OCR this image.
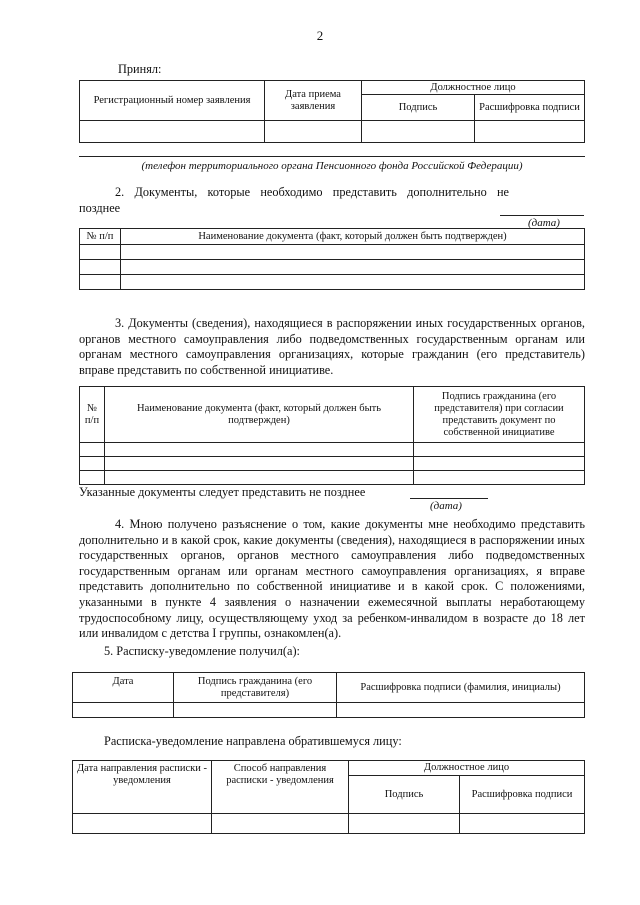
2
Принял:
Регистрационный номер заявления	Дата приема заявления	Должностное лицо	
		Подпись	Расшифровка подписи

(телефон территориального органа Пенсионного фонда Российской Федерации)
2. Документы, которые необходимо представить дополнительно не позднее
(дата)
№ п/п	Наименование документа (факт, который должен быть подтвержден)

3. Документы (сведения), находящиеся в распоряжении иных государственных органов, органов местного самоуправления либо подведомственных государственным органам или органам местного самоуправления организациях, которые гражданин (его представитель) вправе представить по собственной инициативе.
№ п/п	Наименование документа (факт, который должен быть подтвержден)	Подпись гражданина (его представителя) при согласии представить документ по собственной инициативе

Указанные документы следует представить не позднее
(дата)
4. Мною получено разъяснение о том, какие документы мне необходимо представить дополнительно и в какой срок, какие документы (сведения), находящиеся в распоряжении иных государственных органов, органов местного самоуправления либо подведомственных государственным органам или органам местного самоуправления организациях, я вправе представить дополнительно по собственной инициативе и в какой срок. С положениями, указанными в пункте 4 заявления о назначении ежемесячной выплаты неработающему трудоспособному лицу, осуществляющему уход за ребенком-инвалидом в возрасте до 18 лет или инвалидом с детства I группы, ознакомлен(а).
5. Расписку-уведомление получил(а):
Дата	Подпись гражданина (его представителя)	Расшифровка подписи (фамилия, инициалы)

Расписка-уведомление направлена обратившемуся лицу:
Дата направления расписки - уведомления	Способ направления расписки - уведомления	Должностное лицо	
		Подпись	Расшифровка подписи
